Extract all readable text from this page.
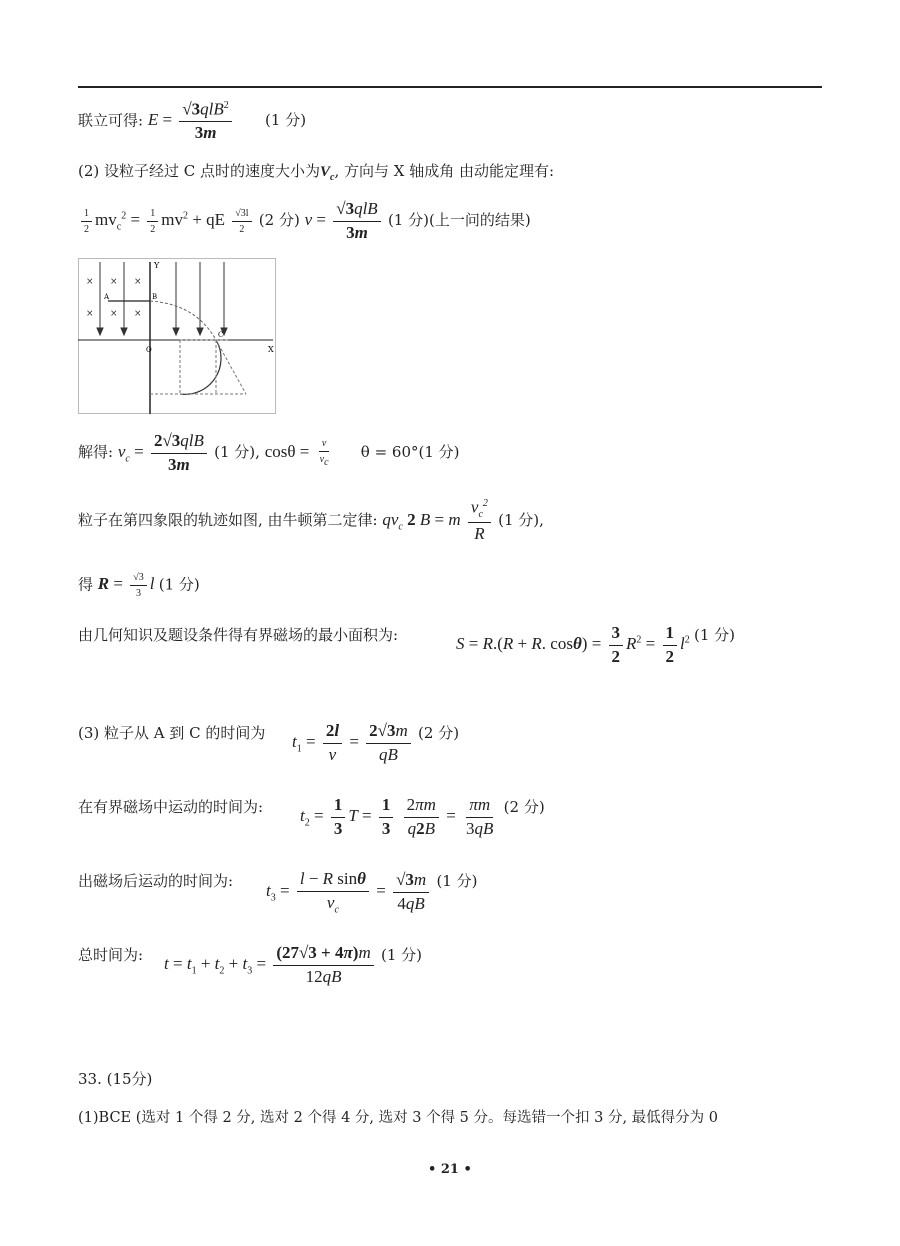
联立可得: $E = \frac{√3qlB^2}{3m} (1$ 分)
(2) 设粒子经过 C 点时的速度大小为$V_c$, 方向与 X 轴成角 由动能定理有:
$\frac{1}{2} mv_c^2 = \frac{1}{2} mv^2$ + qE $\frac{√3l}{2} (2$ 分) $v = \frac{\text{√3qlB}}{3m} (1$ 分)(上一问的结果)
Y
X
O
× × ×
× × ×
A	B
C
解得: $v_c = \frac{\text{2√3qlB}}{3m} (1$ 分), $\cos\theta = \frac{v}{v_c}$ θ = 60°(1 分)
粒子在第四象限的轨迹如图, 由牛顿第二定律: $qv_c$ 2 B = m $\frac{v_c^2}{R} (1$ 分),
得 $R = \frac{√3}{3}$ l (1 分)
由几何知识及题设条件得有界磁场的最小面积为:	S = R.(R + R. $\cos\theta) = \frac{3}{2} R^2 = \frac{1}{2} l^2$ (1 分)
(3) 粒子从 A 到 C 的时间为 $t_1 = \frac{2l}{v} = \frac{2√3m}{qB} (2$ 分)
在有界磁场中运动的时间为: $t_2 = \frac{1}{3}$ $T = \frac{1}{3}$
$\frac{2\pi m}{q2B} = \frac{\pi m}{3qB} (2$ 分)
出磁场后运动的时间为:
$t_3 = \frac{\text{l − R sinθ}}{v_c} = \frac{√3m}{4qB} (1$ 分)
总时间为: $t = t_1 + t_2 + t_3 = \frac{(27√3 + 4\pi)m}{12qB} (1$ 分)
33. (15分)
(1)BCE (选对 1 个得 2 分, 选对 2 个得 4 分, 选对 3 个得 5 分。每选错一个扣 3 分, 最低得分为 0
• 21 •
